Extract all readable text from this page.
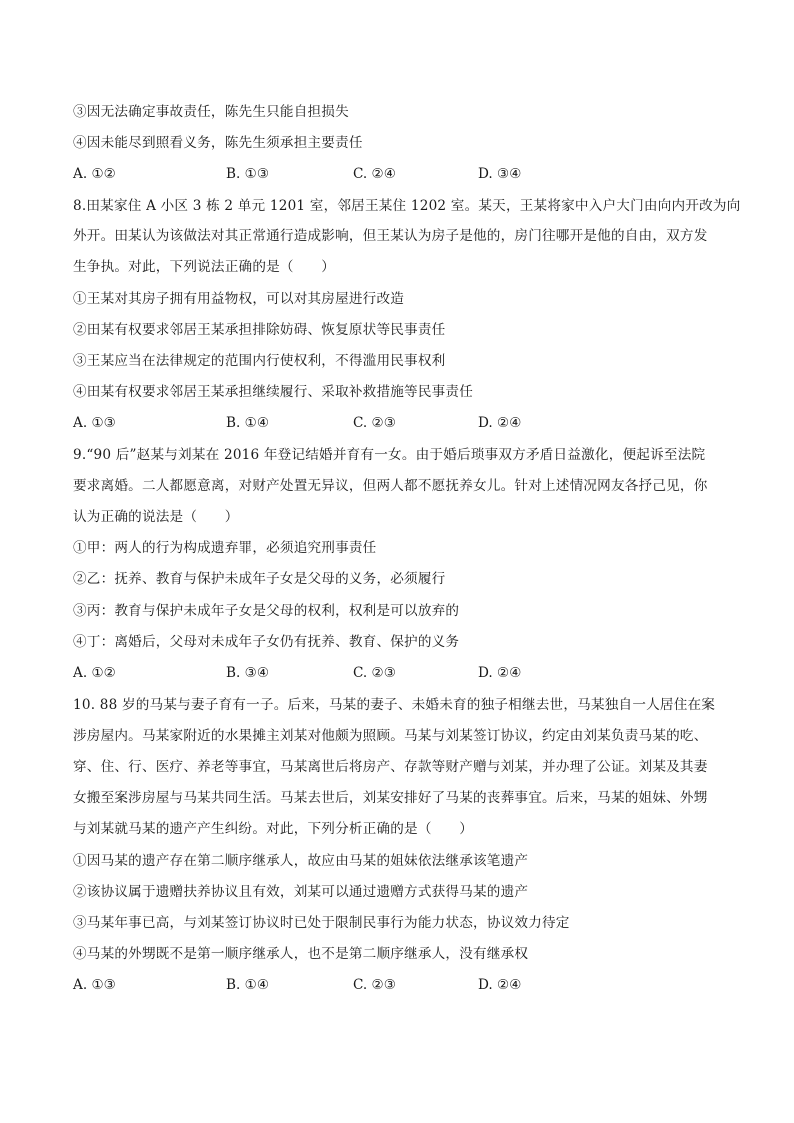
③因无法确定事故责任，陈先生只能自担损失
④因未能尽到照看义务，陈先生须承担主要责任
A. ①②	B. ①③	C. ②④	D. ③④
8.田某家住 A 小区 3 栋 2 单元 1201 室，邻居王某住 1202 室。某天，王某将家中入户大门由向内开改为向
外开。田某认为该做法对其正常通行造成影响，但王某认为房子是他的，房门往哪开是他的自由，双方发
生争执。对此，下列说法正确的是（　　）
①王某对其房子拥有用益物权，可以对其房屋进行改造
②田某有权要求邻居王某承担排除妨碍、恢复原状等民事责任
③王某应当在法律规定的范围内行使权利，不得滥用民事权利
④田某有权要求邻居王某承担继续履行、采取补救措施等民事责任
A. ①③	B. ①④	C. ②③	D. ②④
9.“90 后”赵某与刘某在 2016 年登记结婚并育有一女。由于婚后琐事双方矛盾日益激化，便起诉至法院
要求离婚。二人都愿意离，对财产处置无异议，但两人都不愿抚养女儿。针对上述情况网友各抒己见，你
认为正确的说法是（　　）
①甲：两人的行为构成遗弃罪，必须追究刑事责任
②乙：抚养、教育与保护未成年子女是父母的义务，必须履行
③丙：教育与保护未成年子女是父母的权利，权利是可以放弃的
④丁：离婚后，父母对未成年子女仍有抚养、教育、保护的义务
A. ①②	B. ③④	C. ②③	D. ②④
10. 88 岁的马某与妻子育有一子。后来，马某的妻子、未婚未育的独子相继去世，马某独自一人居住在案
涉房屋内。马某家附近的水果摊主刘某对他颇为照顾。马某与刘某签订协议，约定由刘某负责马某的吃、
穿、住、行、医疗、养老等事宜，马某离世后将房产、存款等财产赠与刘某，并办理了公证。刘某及其妻
女搬至案涉房屋与马某共同生活。马某去世后，刘某安排好了马某的丧葬事宜。后来，马某的姐妹、外甥
与刘某就马某的遗产产生纠纷。对此，下列分析正确的是（　　）
①因马某的遗产存在第二顺序继承人，故应由马某的姐妹依法继承该笔遗产
②该协议属于遗赠扶养协议且有效，刘某可以通过遗赠方式获得马某的遗产
③马某年事已高，与刘某签订协议时已处于限制民事行为能力状态，协议效力待定
④马某的外甥既不是第一顺序继承人，也不是第二顺序继承人，没有继承权
A. ①③	B. ①④	C. ②③	D. ②④
